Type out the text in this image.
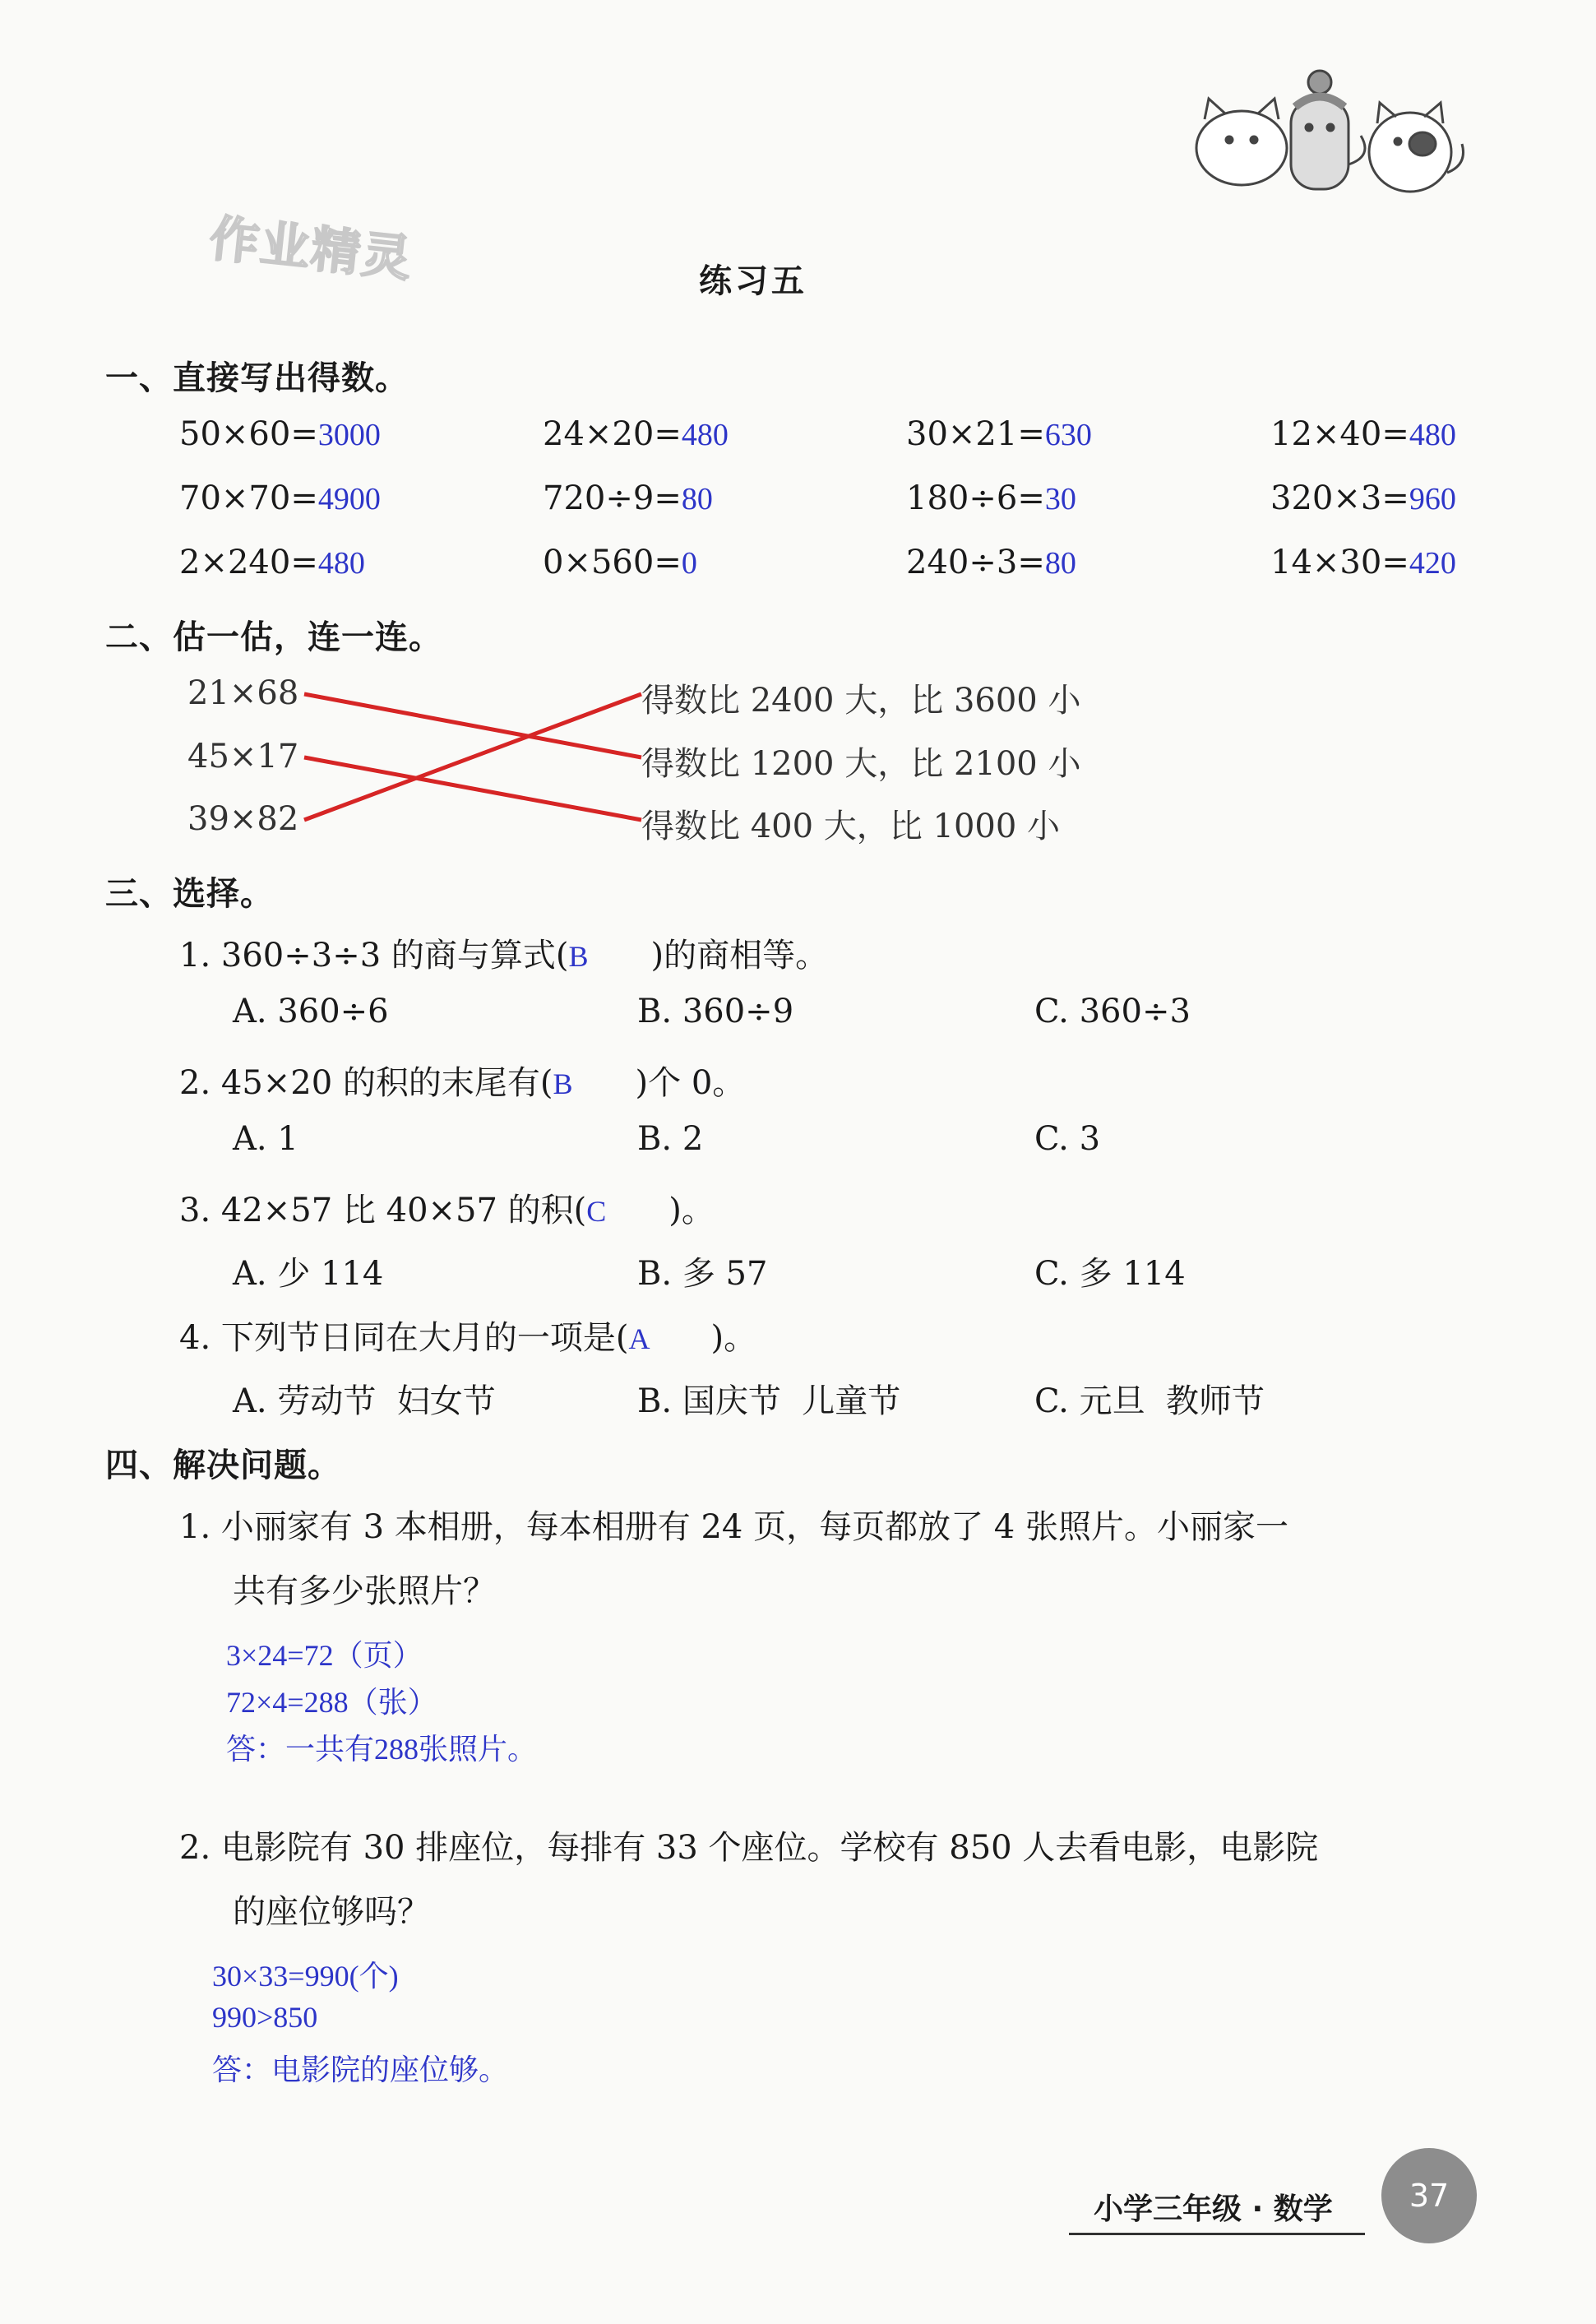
作业精灵	练习五
一、直接写出得数。
50×60=3000	24×20=480	30×21=630	12×40=480
70×70=4900	720÷9=80	180÷6=30	320×3=960
2×240=480	0×560=0	240÷3=80	14×30=420
二、估一估，连一连。
21×68
45×17
39×82
得数比 2400 大，比 3600 小
得数比 1200 大，比 2100 小
得数比 400 大，比 1000 小
三、选择。
1. 360÷3÷3 的商与算式(B )的商相等。
A. 360÷6	B. 360÷9	C. 360÷3
2. 45×20 的积的末尾有(B )个 0。
A. 1	B. 2	C. 3
3. 42×57 比 40×57 的积(C )。
A. 少 114	B. 多 57	C. 多 114
4. 下列节日同在大月的一项是(A )。
A. 劳动节  妇女节	B. 国庆节  儿童节	C. 元旦  教师节
四、解决问题。
1. 小丽家有 3 本相册，每本相册有 24 页，每页都放了 4 张照片。小丽家一
共有多少张照片？
3×24=72（页）
72×4=288（张）
答：一共有288张照片。
2. 电影院有 30 排座位，每排有 33 个座位。学校有 850 人去看电影，电影院
的座位够吗？
30×33=990(个)
990>850
答：电影院的座位够。
小学三年级 · 数学	37
